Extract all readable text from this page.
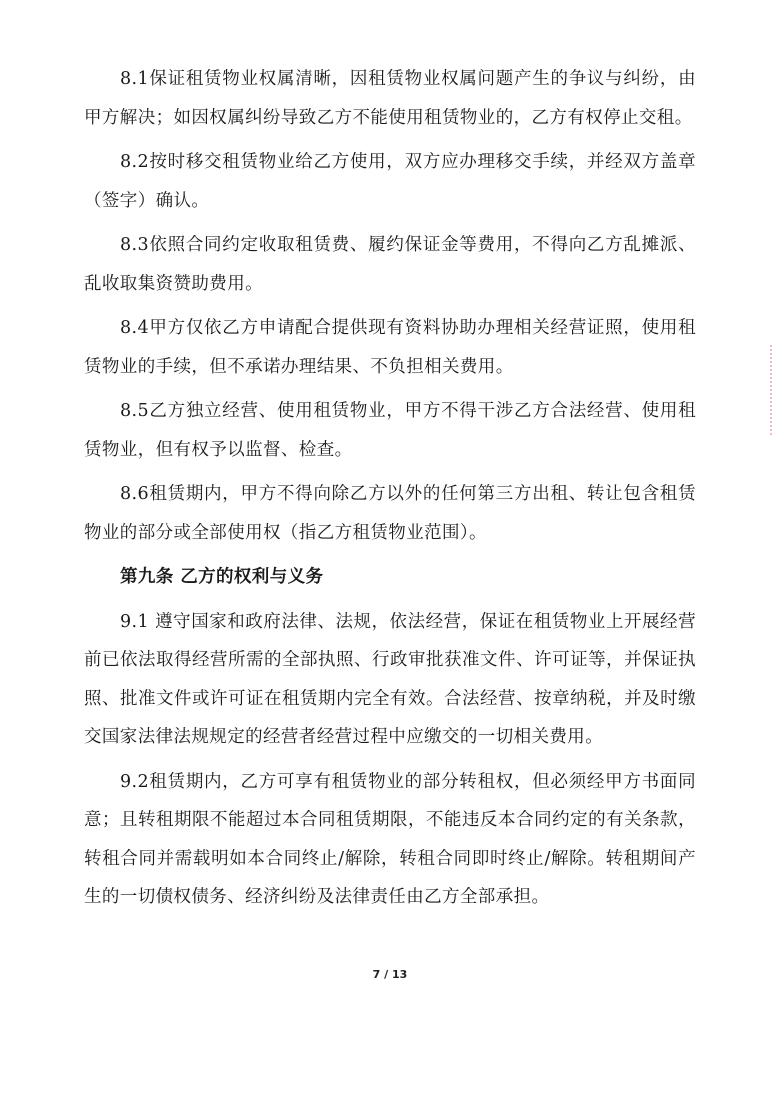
8.1保证租赁物业权属清晰，因租赁物业权属问题产生的争议与纠纷，由甲方解决；如因权属纠纷导致乙方不能使用租赁物业的，乙方有权停止交租。

8.2按时移交租赁物业给乙方使用，双方应办理移交手续，并经双方盖章（签字）确认。

8.3依照合同约定收取租赁费、履约保证金等费用，不得向乙方乱摊派、乱收取集资赞助费用。

8.4甲方仅依乙方申请配合提供现有资料协助办理相关经营证照，使用租赁物业的手续，但不承诺办理结果、不负担相关费用。

8.5乙方独立经营、使用租赁物业，甲方不得干涉乙方合法经营、使用租赁物业，但有权予以监督、检查。

8.6租赁期内，甲方不得向除乙方以外的任何第三方出租、转让包含租赁物业的部分或全部使用权（指乙方租赁物业范围）。

第九条 乙方的权利与义务

9.1 遵守国家和政府法律、法规，依法经营，保证在租赁物业上开展经营前已依法取得经营所需的全部执照、行政审批获准文件、许可证等，并保证执照、批准文件或许可证在租赁期内完全有效。合法经营、按章纳税，并及时缴交国家法律法规规定的经营者经营过程中应缴交的一切相关费用。

9.2租赁期内，乙方可享有租赁物业的部分转租权，但必须经甲方书面同意；且转租期限不能超过本合同租赁期限，不能违反本合同约定的有关条款，转租合同并需载明如本合同终止/解除，转租合同即时终止/解除。转租期间产生的一切债权债务、经济纠纷及法律责任由乙方全部承担。

7 / 13
